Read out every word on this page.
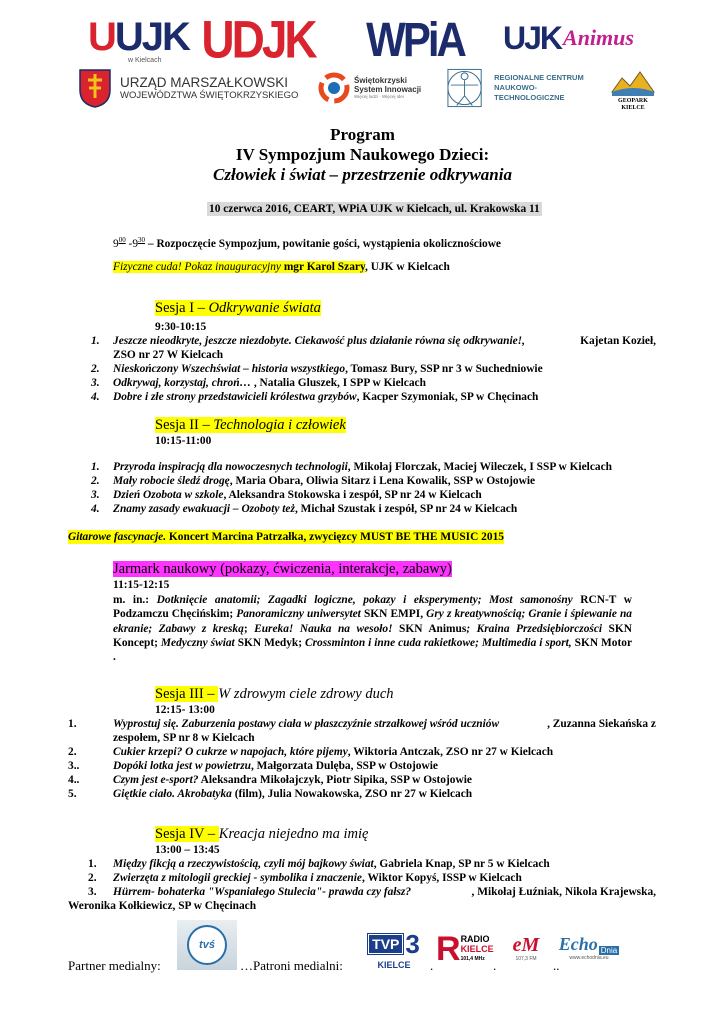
UUJK
w Kielcach UDJK WPiA UJK Animus
URZĄD MARSZAŁKOWSKI
WOJEWÓDZTWA ŚWIĘTOKRZYSKIEGO
Świętokrzyski
System Innowacji
Więcej ludzi · Więcej idei
REGIONALNE CENTRUM
NAUKOWO-TECHNOLOGICZNE	GEOPARK
KIELCE
Program
IV Sympozjum Naukowego Dzieci:
Człowiek i świat – przestrzenie odkrywania
10 czerwca 2016, CEART, WPiA UJK w Kielcach, ul. Krakowska 11
$9^{00}$ $-9^{30}$ – Rozpoczęcie Sympozjum, powitanie gości, wystąpienia okolicznościowe
Fizyczne cuda! Pokaz inauguracyjny mgr Karol Szary, UJK w Kielcach
Sesja I – Odkrywanie świata
9:30-10:15
1. Jeszcze nieodkryte, jeszcze niezdobyte. Ciekawość plus działanie równa się odkrywanie!,	Kajetan Kozieł,
ZSO nr 27 W Kielcach
2. Nieskończony Wszechświat – historia wszystkiego, Tomasz Bury, SSP nr 3 w Suchedniowie
3. Odkrywaj, korzystaj, chroń… , Natalia Gluszek, I SPP w Kielcach
4. Dobre i złe strony przedstawicieli królestwa grzybów, Kacper Szymoniak, SP w Chęcinach
Sesja II – Technologia i człowiek
10:15-11:00
1. Przyroda inspiracją dla nowoczesnych technologii, Mikołaj Florczak, Maciej Wileczek, I SSP w Kielcach
2. Mały robocie śledź drogę, Maria Obara, Oliwia Sitarz i Lena Kowalik, SSP w Ostojowie
3. Dzień Ozobota w szkole, Aleksandra Stokowska i zespół, SP nr 24 w Kielcach
4. Znamy zasady ewakuacji – Ozoboty też, Michał Szustak i zespół, SP nr 24 w Kielcach
Gitarowe fascynacje. Koncert Marcina Patrzałka, zwycięzcy MUST BE THE MUSIC 2015
Jarmark naukowy (pokazy, ćwiczenia, interakcje, zabawy)
11:15-12:15
m. in.: Dotknięcie anatomii; Zagadki logiczne, pokazy i eksperymenty; Most samonośny RCN-T w Podzamczu Chęcińskim; Panoramiczny uniwersytet SKN EMPI, Gry z kreatywnością; Granie i śpiewanie na ekranie; Zabawy z kreską; Eureka! Nauka na wesoło! SKN Animus; Kraina Przedsiębiorczości SKN Koncept; Medyczny świat SKN Medyk; Crossminton i inne cuda rakietkowe; Multimedia i sport, SKN Motor .
Sesja III – W zdrowym ciele zdrowy duch
12:15- 13:00
1.	Wyprostuj się. Zaburzenia postawy ciała w płaszczyźnie strzałkowej wśród uczniów	, Zuzanna Siekańska z
zespołem, SP nr 8 w Kielcach
2.	Cukier krzepi? O cukrze w napojach, które pijemy, Wiktoria Antczak, ZSO nr 27 w Kielcach
3..	Dopóki lotka jest w powietrzu, Małgorzata Dulęba, SSP w Ostojowie
4..	Czym jest e-sport? Aleksandra Mikołajczyk, Piotr Sipika, SSP w Ostojowie
5.	Giętkie ciało. Akrobatyka (film), Julia Nowakowska, ZSO nr 27 w Kielcach
Sesja IV – Kreacja niejedno ma imię
13:00 – 13:45
1. Między fikcją a rzeczywistością, czyli mój bajkowy świat, Gabriela Knap, SP nr 5 w Kielcach
2. Zwierzęta z mitologii greckiej - symbolika i znaczenie, Wiktor Kopyś, ISSP w Kielcach
3. Hürrem- bohaterka "Wspaniałego Stulecia"- prawda czy fałsz?	, Mikołaj Łuźniak, Nikola Krajewska,
Weronika Kołkiewicz, SP w Chęcinach
Partner medialny:
tvś
…Patroni medialni:
TVP 3
KIELCE . R RADIO
KIELCE
101,4 MHz .
eM
107,3 FM
Echo Dnia
www.echodnia.eu
..
